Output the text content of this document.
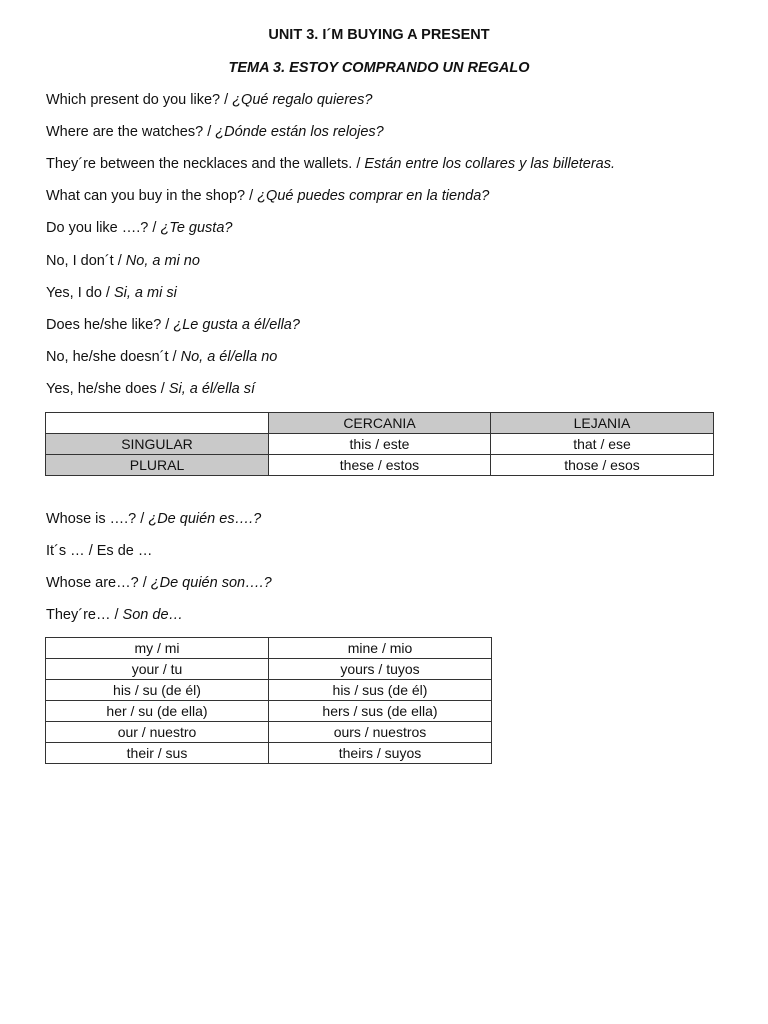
UNIT 3. I´M BUYING A PRESENT
TEMA 3. ESTOY COMPRANDO UN REGALO
Which present do you like? / ¿Qué regalo quieres?
Where are the watches? / ¿Dónde están los relojes?
They´re between the necklaces and the wallets. / Están entre los collares y las billeteras.
What can you buy in the shop? / ¿Qué puedes comprar en la tienda?
Do you like ….? / ¿Te gusta?
No, I don´t / No, a mi no
Yes, I do / Si, a mi si
Does he/she like? / ¿Le gusta a él/ella?
No, he/she doesn´t / No, a él/ella no
Yes, he/she does / Si, a él/ella sí
	CERCANIA	LEJANIA
SINGULAR	this / este	that / ese
PLURAL	these / estos	those / esos
Whose is ….? / ¿De quién es….?
It´s … / Es de …
Whose are…? / ¿De quién son….?
They´re… / Son de…
my / mi	mine / mio
your / tu	yours / tuyos
his / su (de él)	his / sus (de él)
her / su (de ella)	hers / sus (de ella)
our / nuestro	ours / nuestros
their / sus	theirs / suyos
